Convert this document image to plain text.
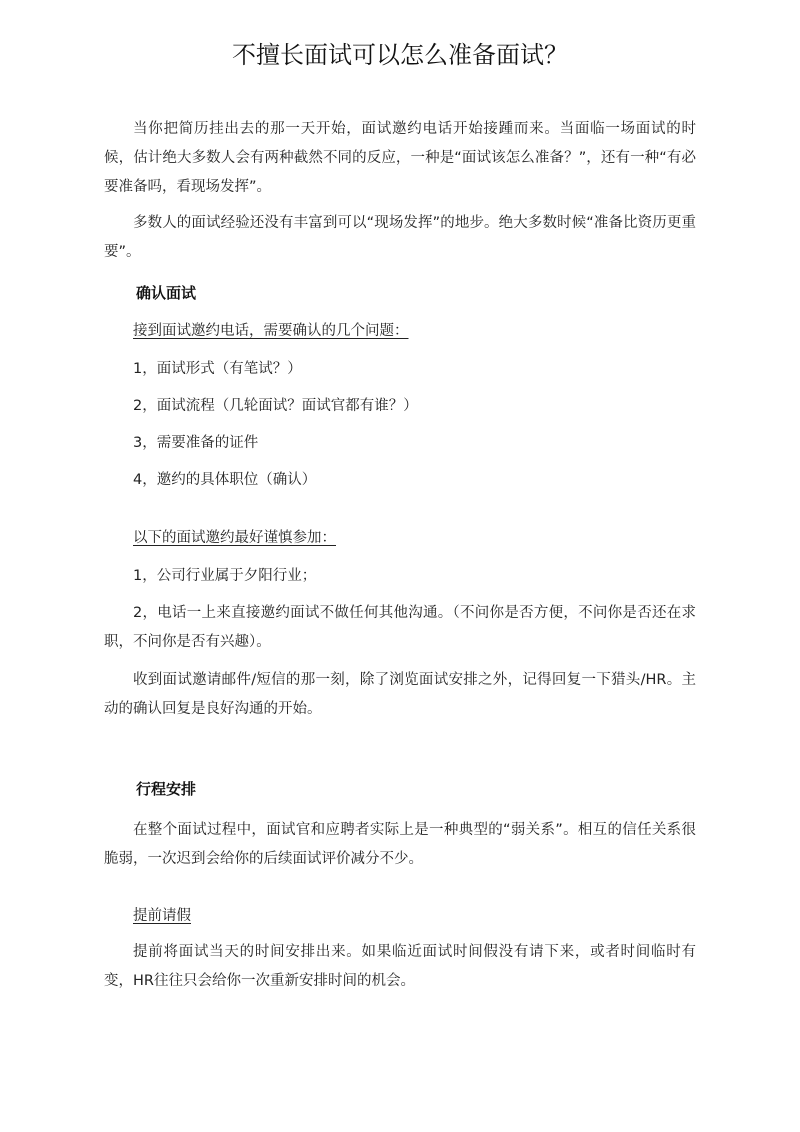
不擅长面试可以怎么准备面试？
当你把简历挂出去的那一天开始，面试邀约电话开始接踵而来。当面临一场面试的时候，估计绝大多数人会有两种截然不同的反应，一种是“面试该怎么准备？”，还有一种“有必要准备吗，看现场发挥”。
多数人的面试经验还没有丰富到可以“现场发挥”的地步。绝大多数时候“准备比资历更重要”。
确认面试
接到面试邀约电话，需要确认的几个问题：
1，面试形式（有笔试？）
2，面试流程（几轮面试？面试官都有谁？）
3，需要准备的证件
4，邀约的具体职位（确认）
以下的面试邀约最好谨慎参加：
1，公司行业属于夕阳行业；
2，电话一上来直接邀约面试不做任何其他沟通。（不问你是否方便，不问你是否还在求职，不问你是否有兴趣）。
收到面试邀请邮件/短信的那一刻，除了浏览面试安排之外，记得回复一下猎头/HR。主动的确认回复是良好沟通的开始。
行程安排
在整个面试过程中，面试官和应聘者实际上是一种典型的“弱关系”。相互的信任关系很脆弱，一次迟到会给你的后续面试评价减分不少。
提前请假
提前将面试当天的时间安排出来。如果临近面试时间假没有请下来，或者时间临时有变，HR往往只会给你一次重新安排时间的机会。
